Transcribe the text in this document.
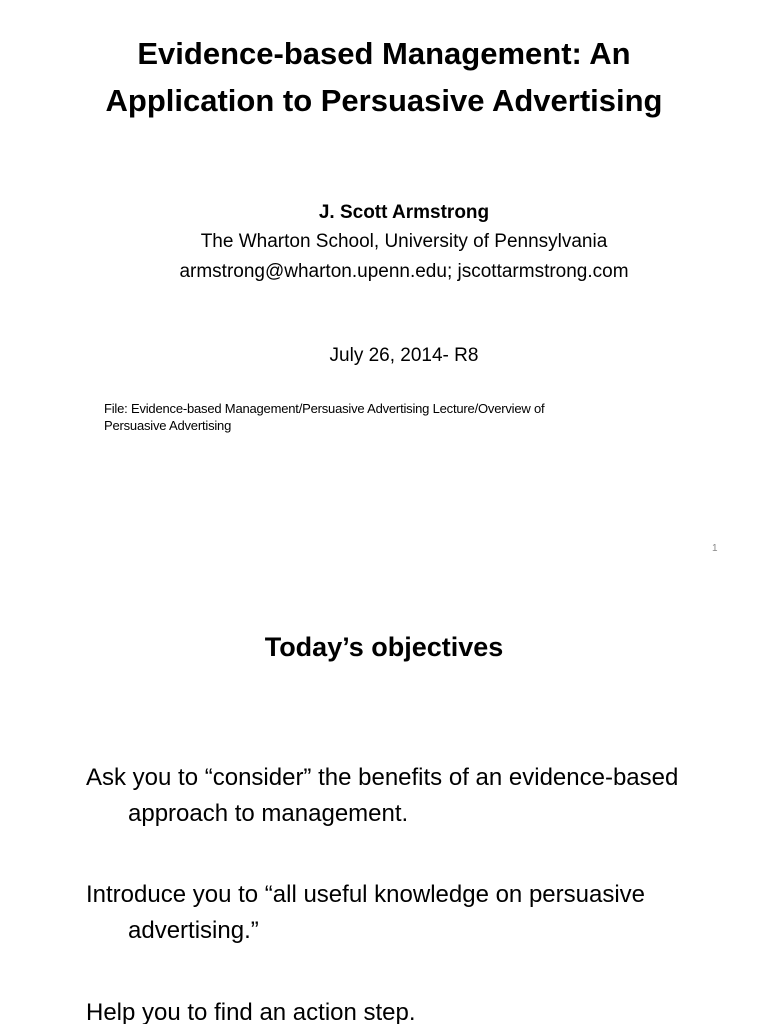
Evidence-based Management: An
Application to Persuasive Advertising
J. Scott Armstrong
The Wharton School, University of Pennsylvania
armstrong@wharton.upenn.edu; jscottarmstrong.com
July 26, 2014- R8
File: Evidence-based Management/Persuasive Advertising Lecture/Overview of
Persuasive Advertising
1
Today’s objectives

Ask you to “consider” the benefits of an evidence-based approach to management.

Introduce you to “all useful knowledge on persuasive advertising.”

Help you to find an action step.
